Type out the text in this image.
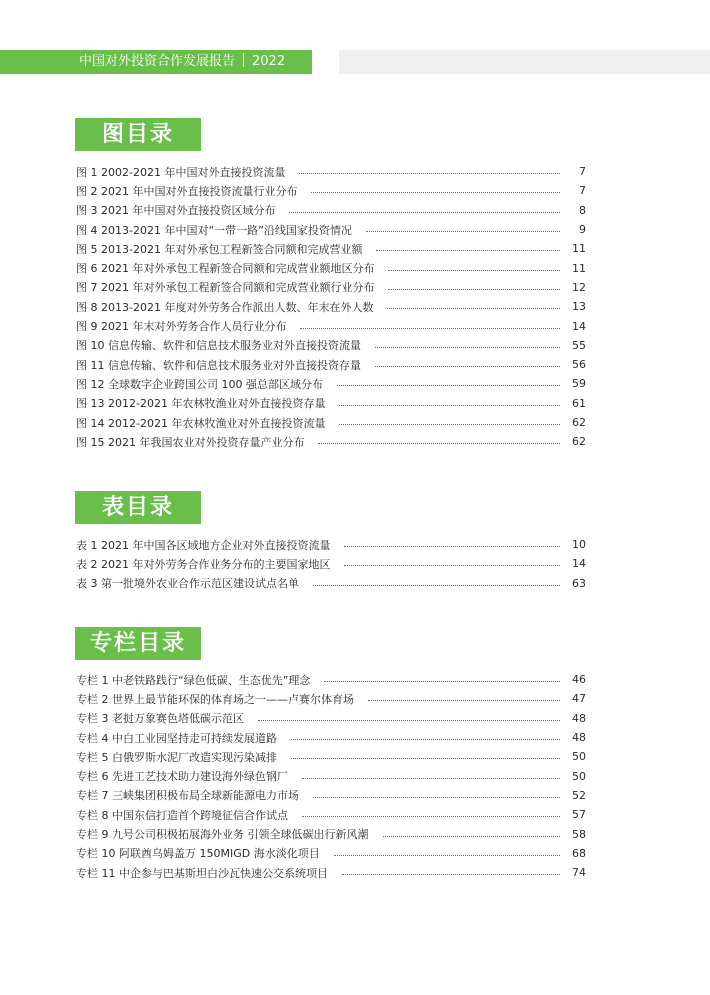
中国对外投资合作发展报告 2022
图目录
图 1 2002-2021 年中国对外直接投资流量	7
图 2 2021 年中国对外直接投资流量行业分布	7
图 3 2021 年中国对外直接投资区域分布	8
图 4 2013-2021 年中国对“一带一路”沿线国家投资情况	9
图 5 2013-2021 年对外承包工程新签合同额和完成营业额	11
图 6 2021 年对外承包工程新签合同额和完成营业额地区分布	11
图 7 2021 年对外承包工程新签合同额和完成营业额行业分布	12
图 8 2013-2021 年度对外劳务合作派出人数、年末在外人数	13
图 9 2021 年末对外劳务合作人员行业分布	14
图 10 信息传输、软件和信息技术服务业对外直接投资流量	55
图 11 信息传输、软件和信息技术服务业对外直接投资存量	56
图 12 全球数字企业跨国公司 100 强总部区域分布	59
图 13 2012-2021 年农林牧渔业对外直接投资存量	61
图 14 2012-2021 年农林牧渔业对外直接投资流量	62
图 15 2021 年我国农业对外投资存量产业分布	62
表目录
表 1 2021 年中国各区域地方企业对外直接投资流量	10
表 2 2021 年对外劳务合作业务分布的主要国家地区	14
表 3 第一批境外农业合作示范区建设试点名单	63
专栏目录
专栏 1 中老铁路践行“绿色低碳、生态优先”理念	46
专栏 2 世界上最节能环保的体育场之一——卢赛尔体育场	47
专栏 3 老挝万象赛色塔低碳示范区	48
专栏 4 中白工业园坚持走可持续发展道路	48
专栏 5 白俄罗斯水泥厂改造实现污染减排	50
专栏 6 先进工艺技术助力建设海外绿色钢厂	50
专栏 7 三峡集团积极布局全球新能源电力市场	52
专栏 8 中国东信打造首个跨境征信合作试点	57
专栏 9 九号公司积极拓展海外业务 引领全球低碳出行新风潮	58
专栏 10 阿联酋乌姆盖万 150MIGD 海水淡化项目	68
专栏 11 中企参与巴基斯坦白沙瓦快速公交系统项目	74
